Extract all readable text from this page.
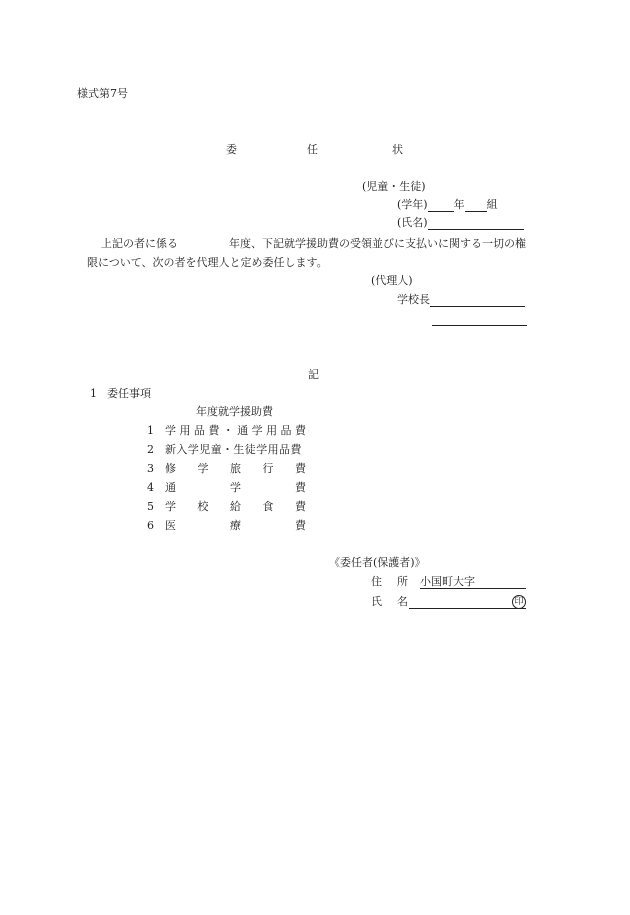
様式第7号
委	任	状
(児童・生徒)
(学年) 年 組
(氏名)
上記の者に係る	年度、下記就学援助費の受領並びに支払いに関する一切の権
限について、次の者を代理人と定め委任します。
(代理人)
学校長
記
1 委任事項
年度就学援助費
1 学 用 品 費 ・ 通 学 用 品 費
2 新入学児童・生徒学用品費
3 修 学 旅 行 費
4 通	学	費
5 学 校 給 食 費
6 医	療	費
《委任者(保護者)》
住 所 小国町大字
氏 名	印
